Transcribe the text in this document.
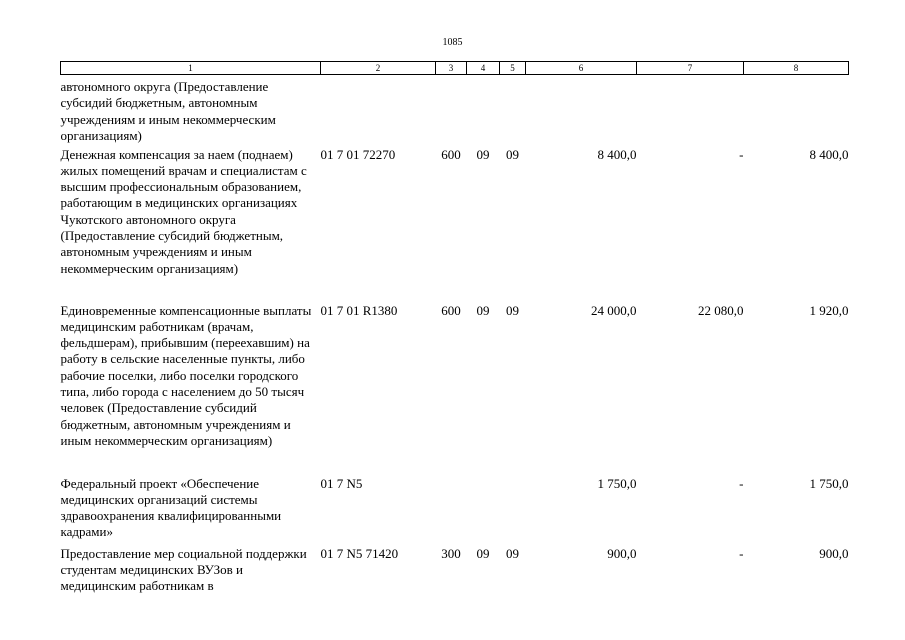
1085
1	2	3	4	5	6	7	8
автономного округа (Предоставление субсидий бюджетным, автономным учреждениям и иным некоммерческим организациям)							
Денежная компенсация за наем (поднаем) жилых помещений врачам и специалистам с высшим профессиональным образованием, работающим в медицинских организациях Чукотского автономного округа (Предоставление субсидий бюджетным, автономным учреждениям и иным некоммерческим организациям)	01 7 01 72270	600	09	09	8 400,0	-	8 400,0
Единовременные компенсационные выплаты медицинским работникам (врачам, фельдшерам), прибывшим (переехавшим) на работу в сельские населенные пункты, либо рабочие поселки, либо поселки городского типа, либо города с населением до 50 тысяч человек (Предоставление субсидий бюджетным, автономным учреждениям и иным некоммерческим организациям)	01 7 01 R1380	600	09	09	24 000,0	22 080,0	1 920,0
Федеральный проект «Обеспечение медицинских организаций системы здравоохранения квалифицированными кадрами»	01 7 N5				1 750,0	-	1 750,0
Предоставление мер социальной поддержки студентам медицинских ВУЗов и медицинским работникам в	01 7 N5 71420	300	09	09	900,0	-	900,0
